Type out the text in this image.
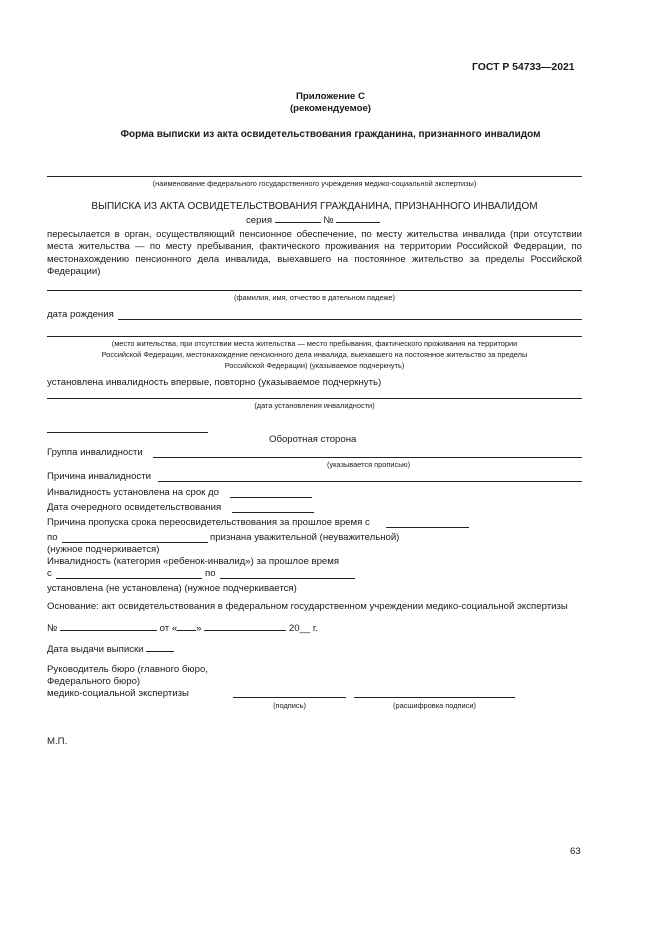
ГОСТ Р 54733—2021
Приложение С
(рекомендуемое)
Форма выписки из акта освидетельствования гражданина, признанного инвалидом
(наименование федерального государственного учреждения медико-социальной экспертизы)
ВЫПИСКА ИЗ АКТА ОСВИДЕТЕЛЬСТВОВАНИЯ ГРАЖДАНИНА, ПРИЗНАННОГО ИНВАЛИДОМ
серия	№
пересылается в орган, осуществляющий пенсионное обеспечение, по месту жительства инвалида (при отсутствии места жительства — по месту пребывания, фактического проживания на территории Российской Федерации, по местонахождению пенсионного дела инвалида, выехавшего на постоянное жительство за пределы Российской Федерации)
(фамилия, имя, отчество в дательном падеже)
дата рождения
(место жительства, при отсутствии места жительства — место пребывания, фактического проживания на территории
Российской Федерации, местонахождение пенсионного дела инвалида, выехавшего на постоянное жительство за пределы
Российской Федерации) (указываемое подчеркнуть)
установлена инвалидность впервые, повторно (указываемое подчеркнуть)
(дата установления инвалидности)
Оборотная сторона
Группа инвалидности
(указывается прописью)
Причина инвалидности
Инвалидность установлена на срок до
Дата очередного освидетельствования
Причина пропуска срока переосвидетельствования за прошлое время с
по	признана уважительной (неуважительной)
(нужное подчеркивается)
Инвалидность (категория «ребенок-инвалид») за прошлое время
с	по
установлена (не установлена) (нужное подчеркивается)
Основание: акт освидетельствования в федеральном государственном учреждении медико-социальной экспертизы
№	от « »	20__ г.
Дата выдачи выписки
Руководитель бюро (главного бюро,
Федерального бюро)
медико-социальной экспертизы
(подпись)	(расшифровка подписи)
М.П.
63
